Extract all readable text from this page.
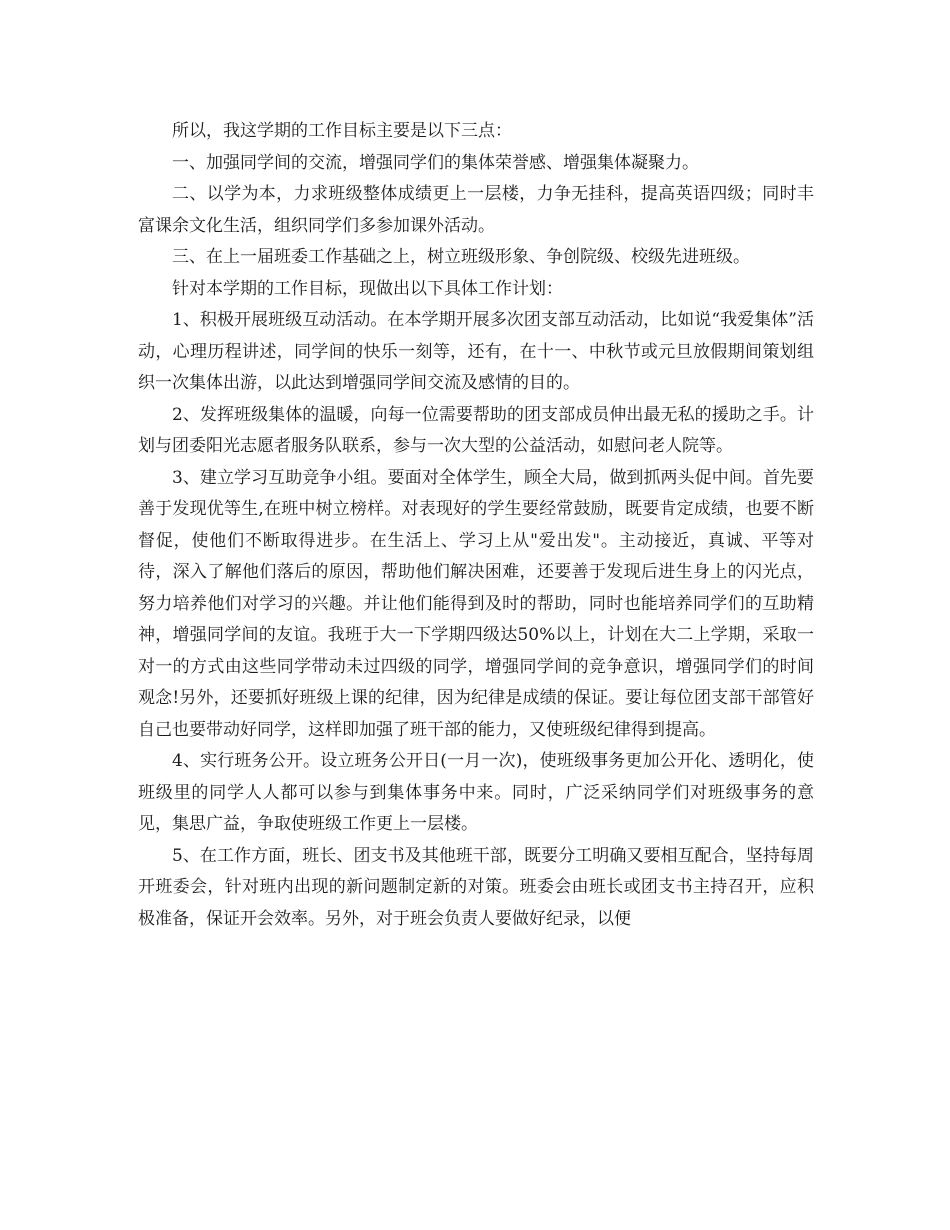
所以，我这学期的工作目标主要是以下三点：

一、加强同学间的交流，增强同学们的集体荣誉感、增强集体凝聚力。

二、以学为本，力求班级整体成绩更上一层楼，力争无挂科，提高英语四级；同时丰富课余文化生活，组织同学们多参加课外活动。

三、在上一届班委工作基础之上，树立班级形象、争创院级、校级先进班级。

针对本学期的工作目标，现做出以下具体工作计划：

1、积极开展班级互动活动。在本学期开展多次团支部互动活动，比如说“我爱集体”活动，心理历程讲述，同学间的快乐一刻等，还有，在十一、中秋节或元旦放假期间策划组织一次集体出游，以此达到增强同学间交流及感情的目的。

2、发挥班级集体的温暖，向每一位需要帮助的团支部成员伸出最无私的援助之手。计划与团委阳光志愿者服务队联系，参与一次大型的公益活动，如慰问老人院等。

3、建立学习互助竞争小组。要面对全体学生，顾全大局，做到抓两头促中间。首先要善于发现优等生,在班中树立榜样。对表现好的学生要经常鼓励，既要肯定成绩，也要不断督促，使他们不断取得进步。在生活上、学习上从"爱出发"。主动接近，真诚、平等对待，深入了解他们落后的原因，帮助他们解决困难，还要善于发现后进生身上的闪光点，努力培养他们对学习的兴趣。并让他们能得到及时的帮助，同时也能培养同学们的互助精神，增强同学间的友谊。我班于大一下学期四级达50%以上，计划在大二上学期，采取一对一的方式由这些同学带动未过四级的同学，增强同学间的竞争意识，增强同学们的时间观念!另外，还要抓好班级上课的纪律，因为纪律是成绩的保证。要让每位团支部干部管好自己也要带动好同学，这样即加强了班干部的能力，又使班级纪律得到提高。

4、实行班务公开。设立班务公开日(一月一次)，使班级事务更加公开化、透明化，使班级里的同学人人都可以参与到集体事务中来。同时，广泛采纳同学们对班级事务的意见，集思广益，争取使班级工作更上一层楼。

5、在工作方面，班长、团支书及其他班干部，既要分工明确又要相互配合，坚持每周开班委会，针对班内出现的新问题制定新的对策。班委会由班长或团支书主持召开，应积极准备，保证开会效率。另外，对于班会负责人要做好纪录，以便
